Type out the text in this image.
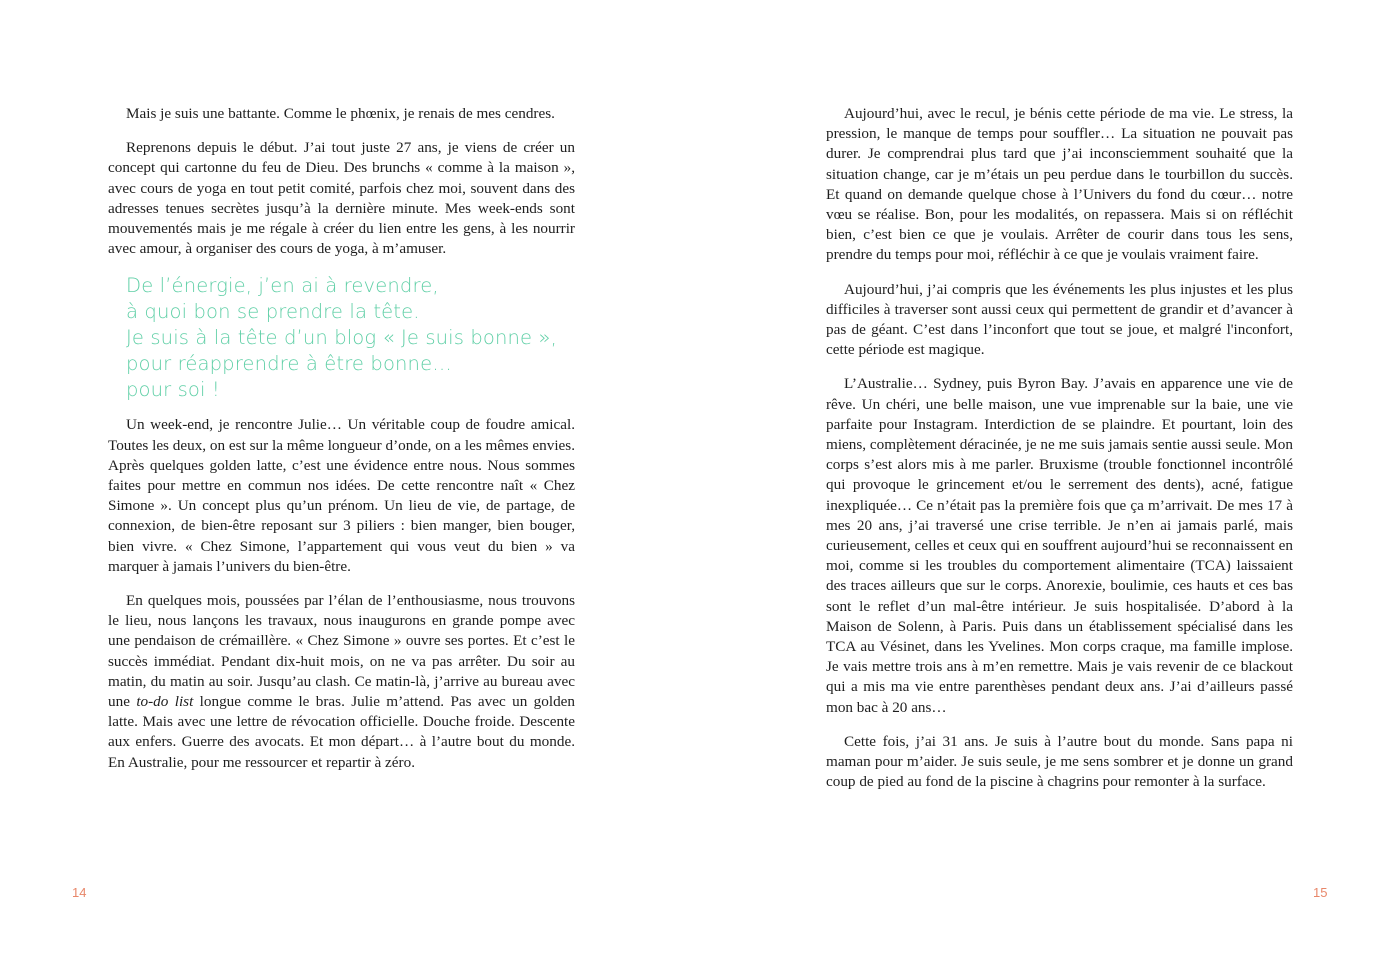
Mais je suis une battante. Comme le phœnix, je renais de mes cendres.

Reprenons depuis le début. J’ai tout juste 27 ans, je viens de créer un concept qui cartonne du feu de Dieu. Des brunchs « comme à la maison », avec cours de yoga en tout petit comité, parfois chez moi, souvent dans des adresses tenues secrètes jusqu’à la dernière minute. Mes week-ends sont mouvementés mais je me régale à créer du lien entre les gens, à les nourrir avec amour, à organiser des cours de yoga, à m’amuser.

De l’énergie, j’en ai à revendre,
à quoi bon se prendre la tête.
Je suis à la tête d’un blog « Je suis bonne »,
pour réapprendre à être bonne…
pour soi !

Un week-end, je rencontre Julie… Un véritable coup de foudre amical. Toutes les deux, on est sur la même longueur d’onde, on a les mêmes envies. Après quelques golden latte, c’est une évidence entre nous. Nous sommes faites pour mettre en commun nos idées. De cette rencontre naît « Chez Simone ». Un concept plus qu’un prénom. Un lieu de vie, de partage, de connexion, de bien-être reposant sur 3 piliers : bien manger, bien bouger, bien vivre. « Chez Simone, l’appartement qui vous veut du bien » va marquer à jamais l’univers du bien-être.

En quelques mois, poussées par l’élan de l’enthousiasme, nous trouvons le lieu, nous lançons les travaux, nous inaugurons en grande pompe avec une pendaison de crémaillère. « Chez Simone » ouvre ses portes. Et c’est le succès immédiat. Pendant dix-huit mois, on ne va pas arrêter. Du soir au matin, du matin au soir. Jusqu’au clash. Ce matin-là, j’arrive au bureau avec une to-do list longue comme le bras. Julie m’attend. Pas avec un golden latte. Mais avec une lettre de révocation officielle. Douche froide. Descente aux enfers. Guerre des avocats. Et mon départ… à l’autre bout du monde. En Australie, pour me ressourcer et repartir à zéro.

14

Aujourd’hui, avec le recul, je bénis cette période de ma vie. Le stress, la pression, le manque de temps pour souffler… La situation ne pouvait pas durer. Je comprendrai plus tard que j’ai inconsciemment souhaité que la situation change, car je m’étais un peu perdue dans le tourbillon du succès. Et quand on demande quelque chose à l’Univers du fond du cœur… notre vœu se réalise. Bon, pour les modalités, on repassera. Mais si on réfléchit bien, c’est bien ce que je voulais. Arrêter de courir dans tous les sens, prendre du temps pour moi, réfléchir à ce que je voulais vraiment faire.

Aujourd’hui, j’ai compris que les événements les plus injustes et les plus difficiles à traverser sont aussi ceux qui permettent de grandir et d’avancer à pas de géant. C’est dans l’inconfort que tout se joue, et malgré l'inconfort, cette période est magique.

L’Australie… Sydney, puis Byron Bay. J’avais en apparence une vie de rêve. Un chéri, une belle maison, une vue imprenable sur la baie, une vie parfaite pour Instagram. Interdiction de se plaindre. Et pourtant, loin des miens, complètement déracinée, je ne me suis jamais sentie aussi seule. Mon corps s’est alors mis à me parler. Bruxisme (trouble fonctionnel incontrôlé qui provoque le grincement et/ou le serrement des dents), acné, fatigue inexpliquée… Ce n’était pas la première fois que ça m’arrivait. De mes 17 à mes 20 ans, j’ai traversé une crise terrible. Je n’en ai jamais parlé, mais curieusement, celles et ceux qui en souffrent aujourd’hui se reconnaissent en moi, comme si les troubles du comportement alimentaire (TCA) laissaient des traces ailleurs que sur le corps. Anorexie, boulimie, ces hauts et ces bas sont le reflet d’un mal-être intérieur. Je suis hospitalisée. D’abord à la Maison de Solenn, à Paris. Puis dans un établissement spécialisé dans les TCA au Vésinet, dans les Yvelines. Mon corps craque, ma famille implose. Je vais mettre trois ans à m’en remettre. Mais je vais revenir de ce blackout qui a mis ma vie entre parenthèses pendant deux ans. J’ai d’ailleurs passé mon bac à 20 ans…

Cette fois, j’ai 31 ans. Je suis à l’autre bout du monde. Sans papa ni maman pour m’aider. Je suis seule, je me sens sombrer et je donne un grand coup de pied au fond de la piscine à chagrins pour remonter à la surface.

15
